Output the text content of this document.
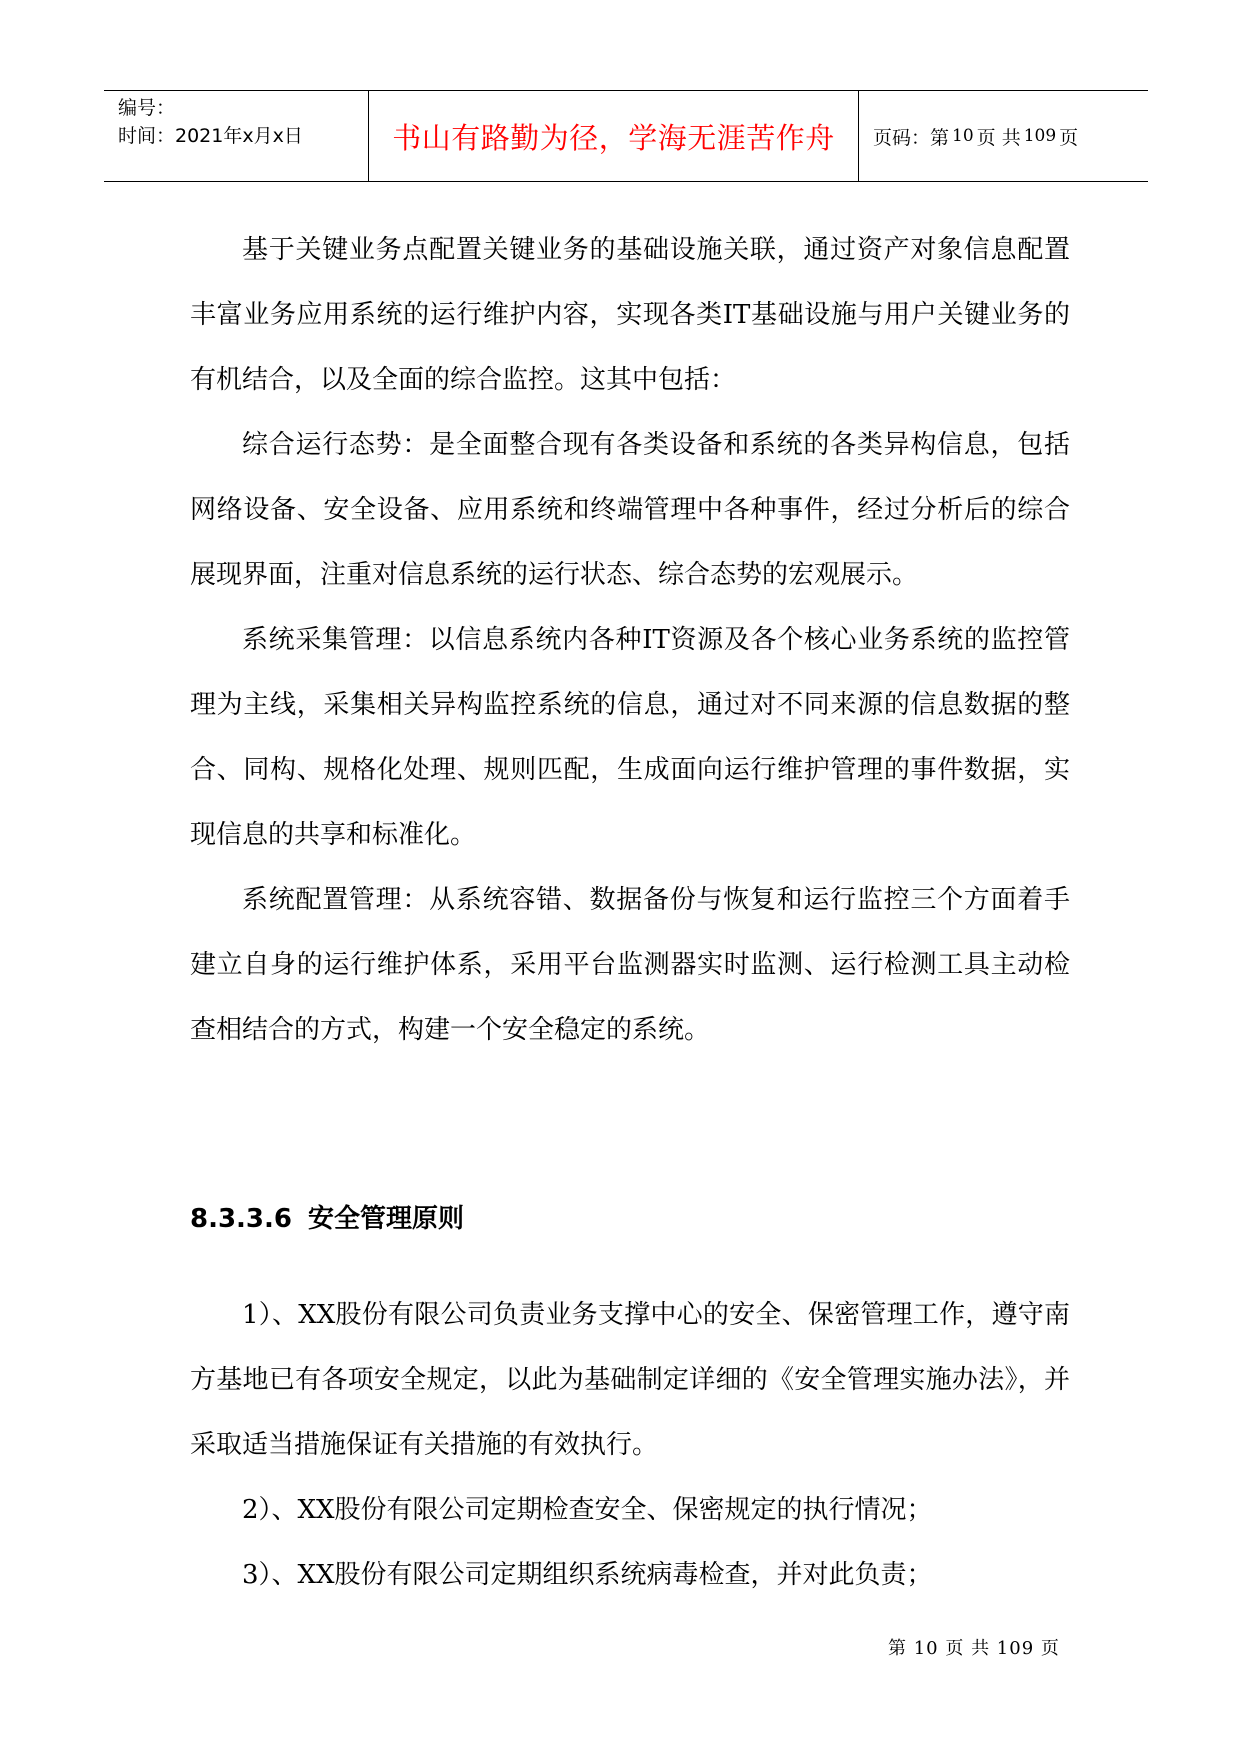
编号：
时间：2021年x月x日	书山有路勤为径，学海无涯苦作舟	页码：第 10 页 共 109 页

基于关键业务点配置关键业务的基础设施关联，通过资产对象信息配置丰富业务应用系统的运行维护内容，实现各类IT基础设施与用户关键业务的有机结合，以及全面的综合监控。这其中包括：

综合运行态势：是全面整合现有各类设备和系统的各类异构信息，包括网络设备、安全设备、应用系统和终端管理中各种事件，经过分析后的综合展现界面，注重对信息系统的运行状态、综合态势的宏观展示。

系统采集管理：以信息系统内各种IT资源及各个核心业务系统的监控管理为主线，采集相关异构监控系统的信息，通过对不同来源的信息数据的整合、同构、规格化处理、规则匹配，生成面向运行维护管理的事件数据，实现信息的共享和标准化。

系统配置管理：从系统容错、数据备份与恢复和运行监控三个方面着手建立自身的运行维护体系，采用平台监测器实时监测、运行检测工具主动检查相结合的方式，构建一个安全稳定的系统。

8.3.3.6 安全管理原则

1）、XX股份有限公司负责业务支撑中心的安全、保密管理工作，遵守南方基地已有各项安全规定，以此为基础制定详细的《安全管理实施办法》，并采取适当措施保证有关措施的有效执行。

2）、XX股份有限公司定期检查安全、保密规定的执行情况；

3）、XX股份有限公司定期组织系统病毒检查，并对此负责；

第 10 页 共 109 页
